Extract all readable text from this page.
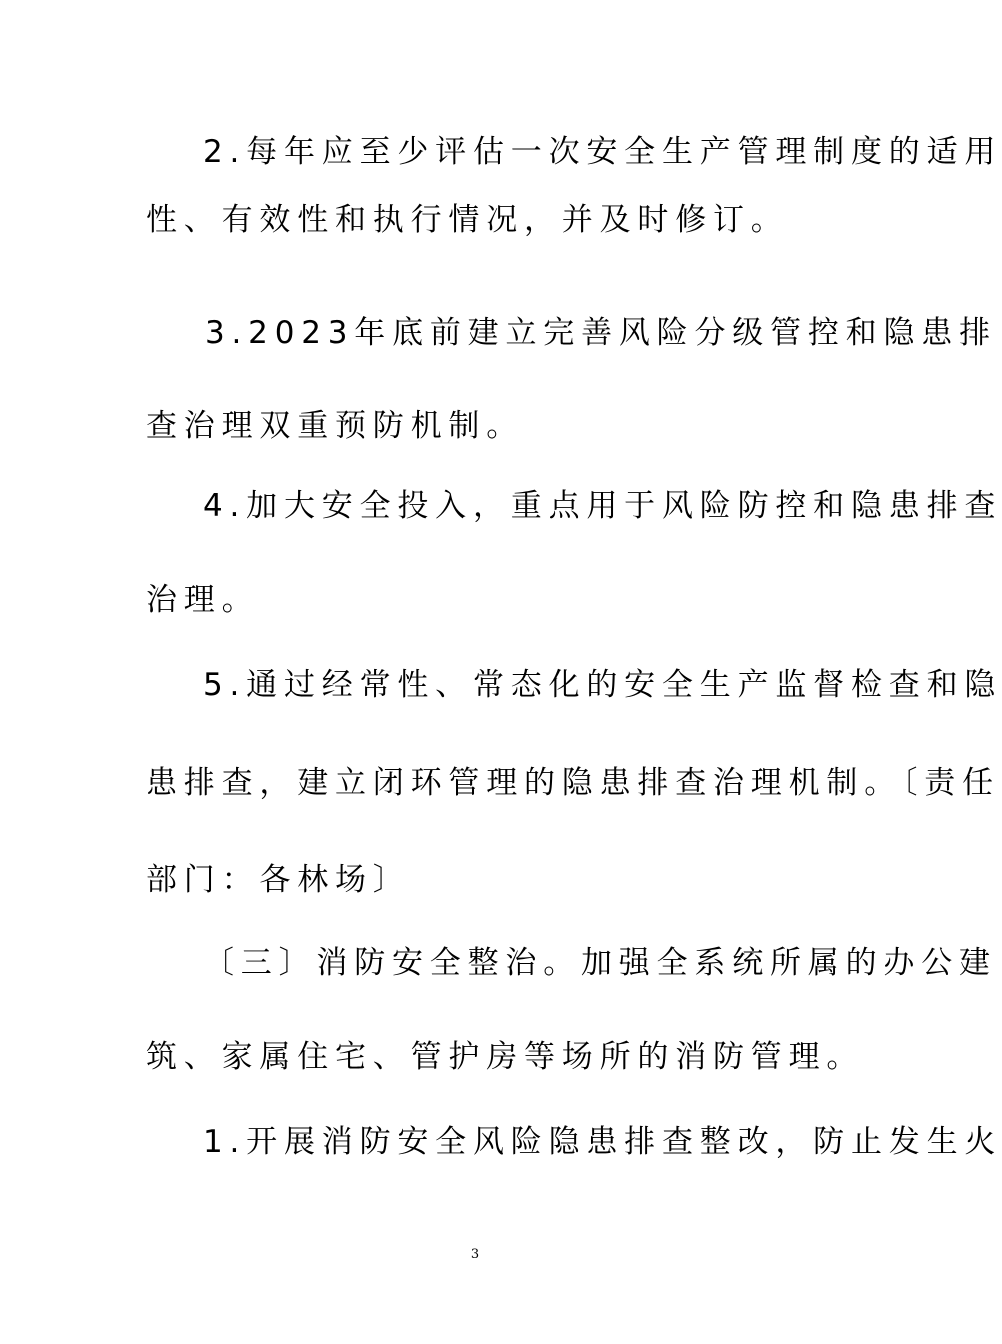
2.每年应至少评估一次安全生产管理制度的适用
性、有效性和执行情况，并及时修订。
3.2023年底前建立完善风险分级管控和隐患排
查治理双重预防机制。
4.加大安全投入，重点用于风险防控和隐患排查
治理。
5.通过经常性、常态化的安全生产监督检查和隐
患排查，建立闭环管理的隐患排查治理机制。〔责任
部门：各林场〕
〔三〕消防安全整治。加强全系统所属的办公建
筑、家属住宅、管护房等场所的消防管理。
1.开展消防安全风险隐患排查整改，防止发生火
3
